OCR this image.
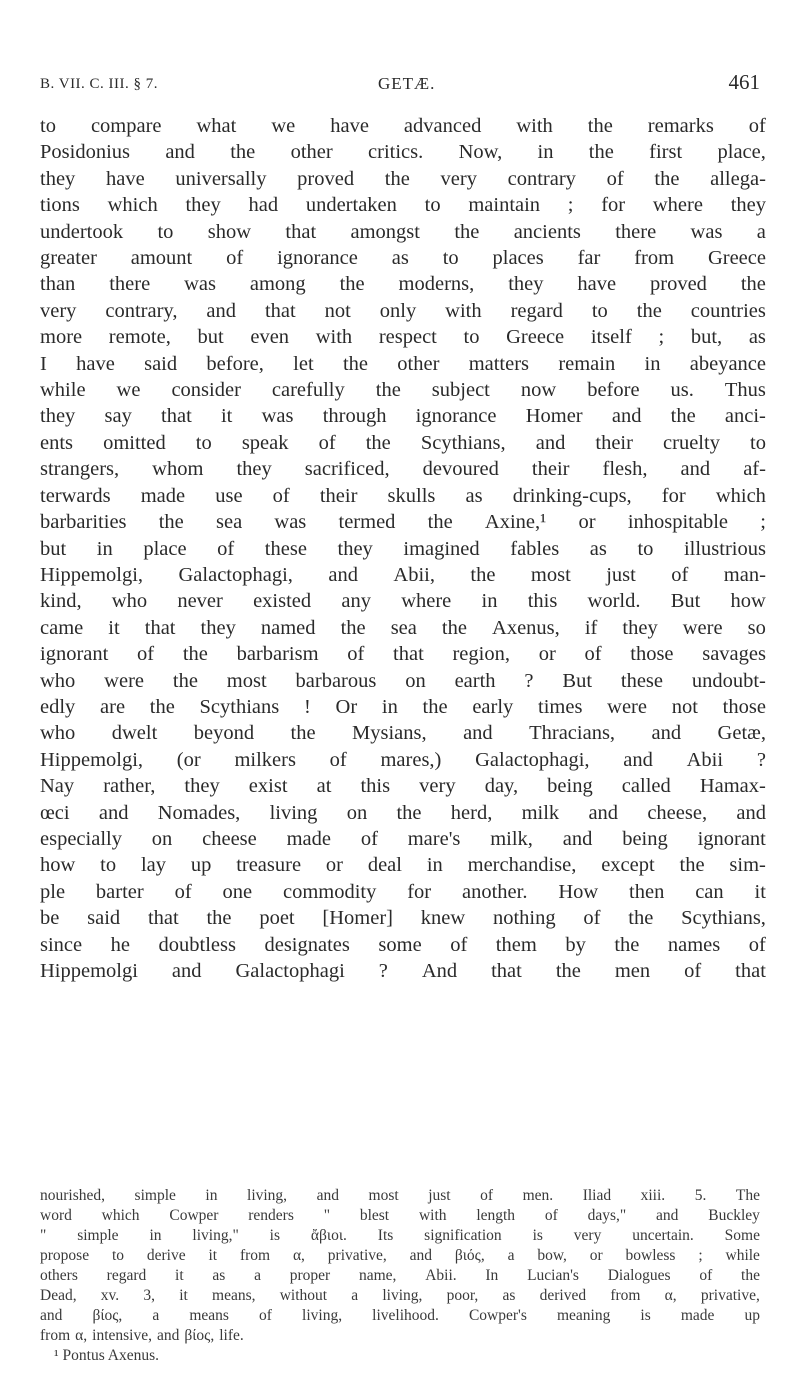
B. VII. C. III. § 7.	GETÆ.	461
to compare what we have advanced with the remarks of
Posidonius and the other critics. Now, in the first place,
they have universally proved the very contrary of the allega-
tions which they had undertaken to maintain ; for where they
undertook to show that amongst the ancients there was a
greater amount of ignorance as to places far from Greece
than there was among the moderns, they have proved the
very contrary, and that not only with regard to the countries
more remote, but even with respect to Greece itself ; but, as
I have said before, let the other matters remain in abeyance
while we consider carefully the subject now before us. Thus
they say that it was through ignorance Homer and the anci-
ents omitted to speak of the Scythians, and their cruelty to
strangers, whom they sacrificed, devoured their flesh, and af-
terwards made use of their skulls as drinking-cups, for which
barbarities the sea was termed the Axine,¹ or inhospitable ;
but in place of these they imagined fables as to illustrious
Hippemolgi, Galactophagi, and Abii, the most just of man-
kind, who never existed any where in this world. But how
came it that they named the sea the Axenus, if they were so
ignorant of the barbarism of that region, or of those savages
who were the most barbarous on earth ? But these undoubt-
edly are the Scythians ! Or in the early times were not those
who dwelt beyond the Mysians, and Thracians, and Getæ,
Hippemolgi, (or milkers of mares,) Galactophagi, and Abii ?
Nay rather, they exist at this very day, being called Hamax-
œci and Nomades, living on the herd, milk and cheese, and
especially on cheese made of mare's milk, and being ignorant
how to lay up treasure or deal in merchandise, except the sim-
ple barter of one commodity for another. How then can it
be said that the poet [Homer] knew nothing of the Scythians,
since he doubtless designates some of them by the names of
Hippemolgi and Galactophagi ? And that the men of that
nourished, simple in living, and most just of men. Iliad xiii. 5. The
word which Cowper renders " blest with length of days," and Buckley
" simple in living," is ἄβιοι. Its signification is very uncertain. Some
propose to derive it from α, privative, and βιός, a bow, or bowless ; while
others regard it as a proper name, Abii. In Lucian's Dialogues of the
Dead, xv. 3, it means, without a living, poor, as derived from α, privative,
and βίος, a means of living, livelihood. Cowper's meaning is made up
from α, intensive, and βίος, life.
¹ Pontus Axenus.
